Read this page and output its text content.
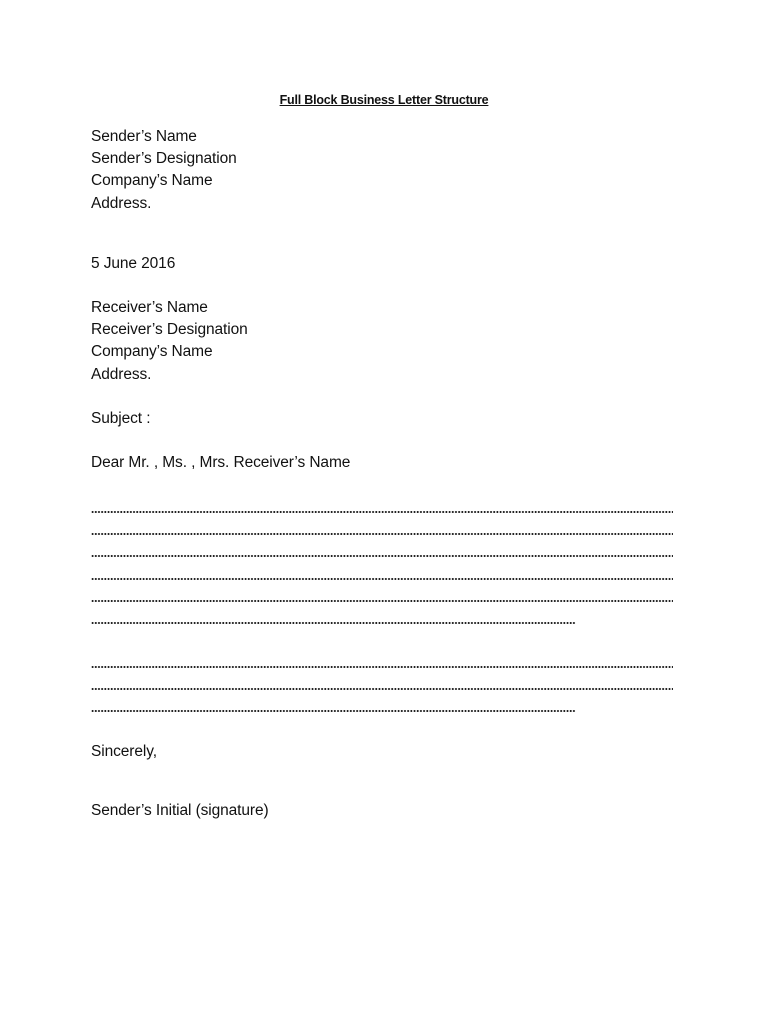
Full Block Business Letter Structure
Sender’s Name
Sender’s Designation
Company’s Name
Address.
5 June 2016
Receiver’s Name
Receiver’s Designation
Company’s Name
Address.
Subject :
Dear Mr. , Ms. , Mrs. Receiver’s Name
Sincerely,
Sender’s Initial (signature)
